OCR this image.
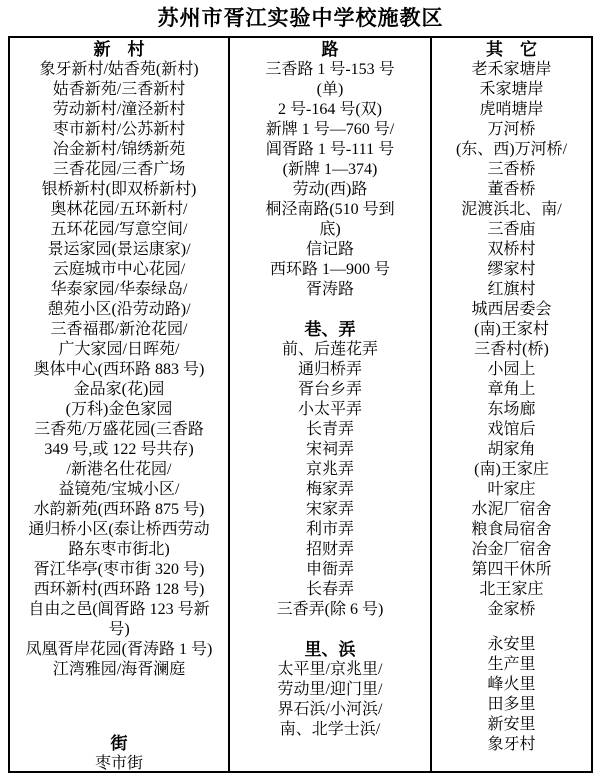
苏州市胥江实验中学校施教区
新　村
象牙新村/姑香苑(新村)
姑香新苑/三香新村
劳动新村/潼泾新村
枣市新村/公苏新村
冶金新村/锦绣新苑
三香花园/三香广场
银桥新村(即双桥新村)
奥林花园/五环新村/
五环花园/写意空间/
景运家园(景运康家)/
云庭城市中心花园/
华泰家园/华泰绿岛/
憩苑小区(沿劳动路)/
三香福郡/新沧花园/
广大家园/日晖苑/
奥体中心(西环路 883 号)
金品家(花)园
(万科)金色家园
三香苑/万盛花园(三香路
349 号,或 122 号共存)
/新港名仕花园/
益镜苑/宝城小区/
水韵新苑(西环路 875 号)
通归桥小区(泰让桥西劳动
路东枣市街北)
胥江华亭(枣市街 320 号)
西环新村(西环路 128 号)
自由之邑(阊胥路 123 号新
号)
凤凰胥岸花园(胥涛路 1 号)
江湾雅园/海胥澜庭
街
枣市街
路
三香路 1 号-153 号
(单)
2 号-164 号(双)
新牌 1 号—760 号/
阊胥路 1 号-111 号
(新牌 1—374)
劳动(西)路
桐泾南路(510 号到
底)
信记路
西环路 1—900 号
胥涛路
巷、弄
前、后莲花弄
通归桥弄
胥台乡弄
小太平弄
长青弄
宋祠弄
京兆弄
梅家弄
宋家弄
利市弄
招财弄
申衙弄
长春弄
三香弄(除 6 号)
里、浜
太平里/京兆里/
劳动里/迎门里/
界石浜/小河浜/
南、北学士浜/
其　它
老禾家塘岸
禾家塘岸
虎哨塘岸
万河桥
(东、西)万河桥/
三香桥
董香桥
泥渡浜北、南/
三香庙
双桥村
缪家村
红旗村
城西居委会
(南)王家村
三香村(桥)
小园上
章角上
东场廊
戏馆后
胡家角
(南)王家庄
叶家庄
水泥厂宿舍
粮食局宿舍
冶金厂宿舍
第四干休所
北王家庄
金家桥
永安里
生产里
峰火里
田多里
新安里
象牙村
